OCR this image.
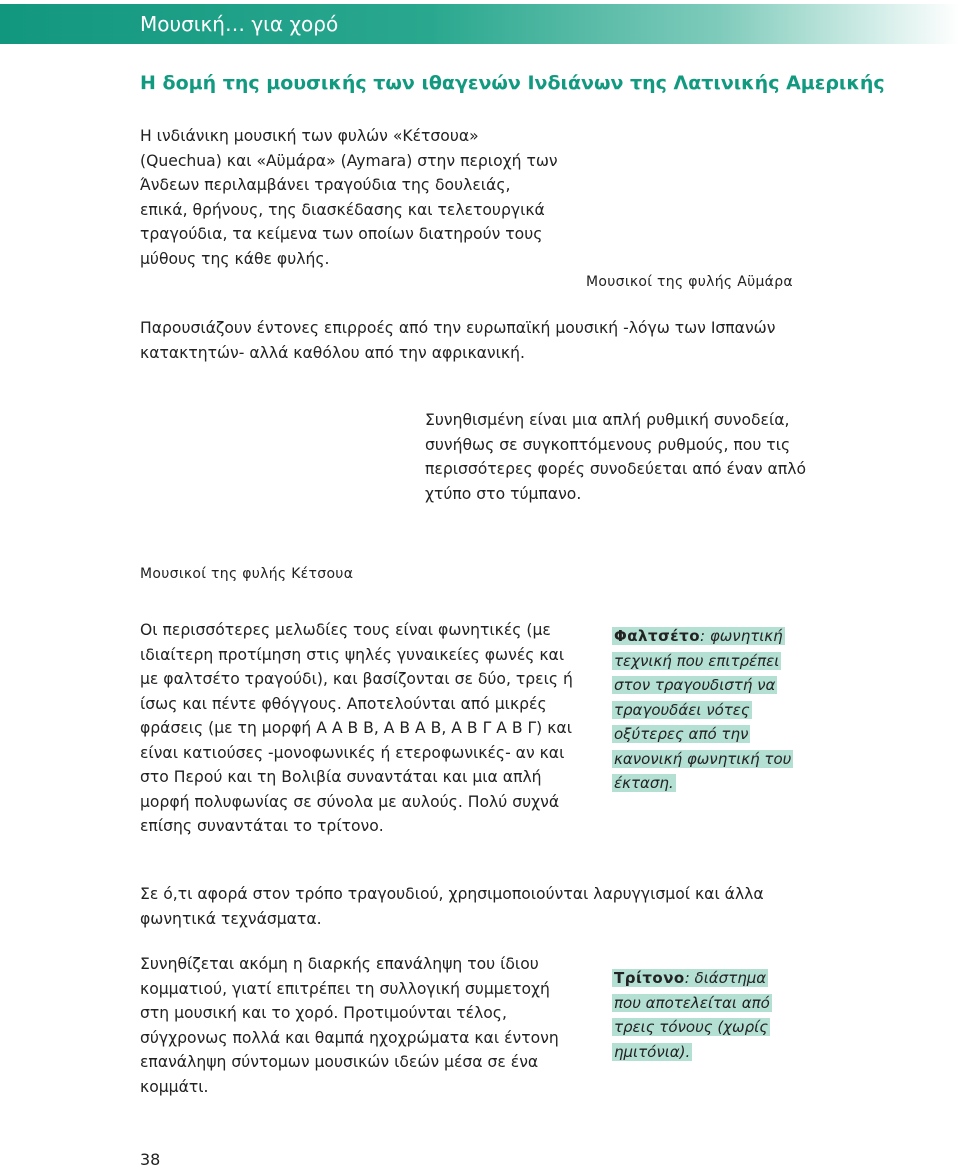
Μουσική… για χορό
Η δομή της μουσικής των ιθαγενών Ινδιάνων της Λατινικής Αμερικής

Η ινδιάνικη μουσική των φυλών «Κέτσουα» (Quechua) και «Αϋμάρα» (Aymara) στην περιοχή των Άνδεων περιλαμβάνει τραγούδια της δουλειάς, επικά, θρήνους, της διασκέδασης και τελετουργικά τραγούδια, τα κείμενα των οποίων διατηρούν τους μύθους της κάθε φυλής.

Μουσικοί της φυλής Αϋμάρα

Παρουσιάζουν έντονες επιρροές από την ευρωπαϊκή μουσική -λόγω των Ισπανών κατακτητών- αλλά καθόλου από την αφρικανική.

Συνηθισμένη είναι μια απλή ρυθμική συνοδεία, συνήθως σε συγκοπτόμενους ρυθμούς, που τις περισσότερες φορές συνοδεύεται από έναν απλό χτύπο στο τύμπανο.

Μουσικοί της φυλής Κέτσουα

Οι περισσότερες μελωδίες τους είναι φωνητικές (με ιδιαίτερη προτίμηση στις ψηλές γυναικείες φωνές και με φαλτσέτο τραγούδι), και βασίζονται σε δύο, τρεις ή ίσως και πέντε φθόγγους. Αποτελούνται από μικρές φράσεις (με τη μορφή Α Α Β Β, Α Β Α Β, Α Β Γ Α Β Γ) και είναι κατιούσες -μονοφωνικές ή ετεροφωνικές- αν και στο Περού και τη Βολιβία συναντάται και μια απλή μορφή πολυφωνίας σε σύνολα με αυλούς. Πολύ συχνά επίσης συναντάται το τρίτονο.

Φαλτσέτο: φωνητική τεχνική που επιτρέπει στον τραγουδιστή να τραγουδάει νότες οξύτερες από την κανονική φωνητική του έκταση.

Σε ό,τι αφορά στον τρόπο τραγουδιού, χρησιμοποιούνται λαρυγγισμοί και άλλα φωνητικά τεχνάσματα.

Συνηθίζεται ακόμη η διαρκής επανάληψη του ίδιου κομματιού, γιατί επιτρέπει τη συλλογική συμμετοχή στη μουσική και το χορό. Προτιμούνται τέλος, σύγχρονως πολλά και θαμπά ηχοχρώματα και έντονη επανάληψη σύντομων μουσικών ιδεών μέσα σε ένα κομμάτι.

Τρίτονο: διάστημα που αποτελείται από τρεις τόνους (χωρίς ημιτόνια).
38
